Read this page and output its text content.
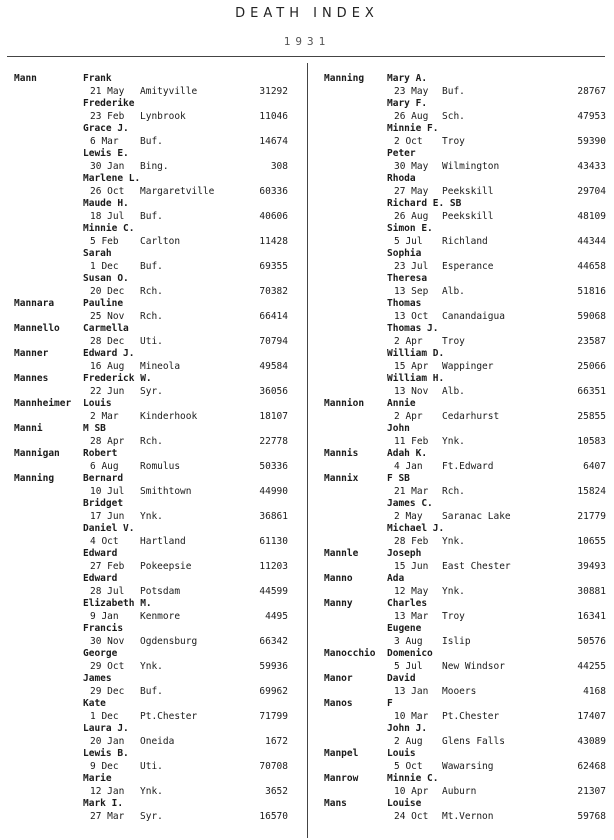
DEATH INDEX
1931
Mann	Frank
21 May Amityville	31292
Frederike
23 Feb Lynbrook	11046
Grace J.
6 Mar Buf.	14674
Lewis E.
30 Jan Bing.	308
Marlene L.
26 Oct Margaretville	60336
Maude H.
18 Jul Buf.	40606
Minnie C.
5 Feb Carlton	11428
Sarah
1 Dec Buf.	69355
Susan O.
20 Dec Rch.	70382
Mannara	Pauline
25 Nov Rch.	66414
Mannello Carmella
28 Dec Uti.	70794
Manner	Edward J.
16 Aug Mineola	49584
Mannes	Frederick W.
22 Jun Syr.	36056
Mannheimer Louis
2 Mar Kinderhook	18107
Manni	M SB
28 Apr Rch.	22778
Mannigan Robert
6 Aug Romulus	50336
Manning	Bernard
10 Jul Smithtown	44990
Bridget
17 Jun Ynk.	36861
Daniel V.
4 Oct Hartland	61130
Edward
27 Feb Pokeepsie	11203
Edward
28 Jul Potsdam	44599
Elizabeth M.
9 Jan Kenmore	4495
Francis
30 Nov Ogdensburg	66342
George
29 Oct Ynk.	59936
James
29 Dec Buf.	69962
Kate
1 Dec Pt.Chester	71799
Laura J.
20 Jan Oneida	1672
Lewis B.
9 Dec Uti.	70708
Marie
12 Jan Ynk.	3652
Mark I.
27 Mar Syr.	16570
Manning Mary A.
23 May Buf.	28767
Mary F.
26 Aug Sch.	47953
Minnie F.
2 Oct Troy	59390
Peter
30 May Wilmington	43433
Rhoda
27 May Peekskill	29704
Richard E. SB
26 Aug Peekskill	48109
Simon E.
5 Jul Richland	44344
Sophia
23 Jul Esperance	44658
Theresa
13 Sep Alb.	51816
Thomas
13 Oct Canandaigua	59068
Thomas J.
2 Apr Troy	23587
William D.
15 Apr Wappinger	25066
William H.
13 Nov Alb.	66351
Mannion Annie
2 Apr Cedarhurst	25855
John
11 Feb Ynk.	10583
Mannis	Adah K.
4 Jan Ft.Edward	6407
Mannix	F SB
21 Mar Rch.	15824
James C.
2 May Saranac Lake	21779
Michael J.
28 Feb Ynk.	10655
Mannle	Joseph
15 Jun East Chester	39493
Manno	Ada
12 May Ynk.	30881
Manny	Charles
13 Mar Troy	16341
Eugene
3 Aug Islip	50576
Manocchio Domenico
5 Jul New Windsor	44255
Manor	David
13 Jan Mooers	4168
Manos	F
10 Mar Pt.Chester	17407
John J.
2 Aug Glens Falls	43089
Manpel	Louis
5 Oct Wawarsing	62468
Manrow	Minnie C.
10 Apr Auburn	21307
Mans	Louise
24 Oct Mt.Vernon	59768
